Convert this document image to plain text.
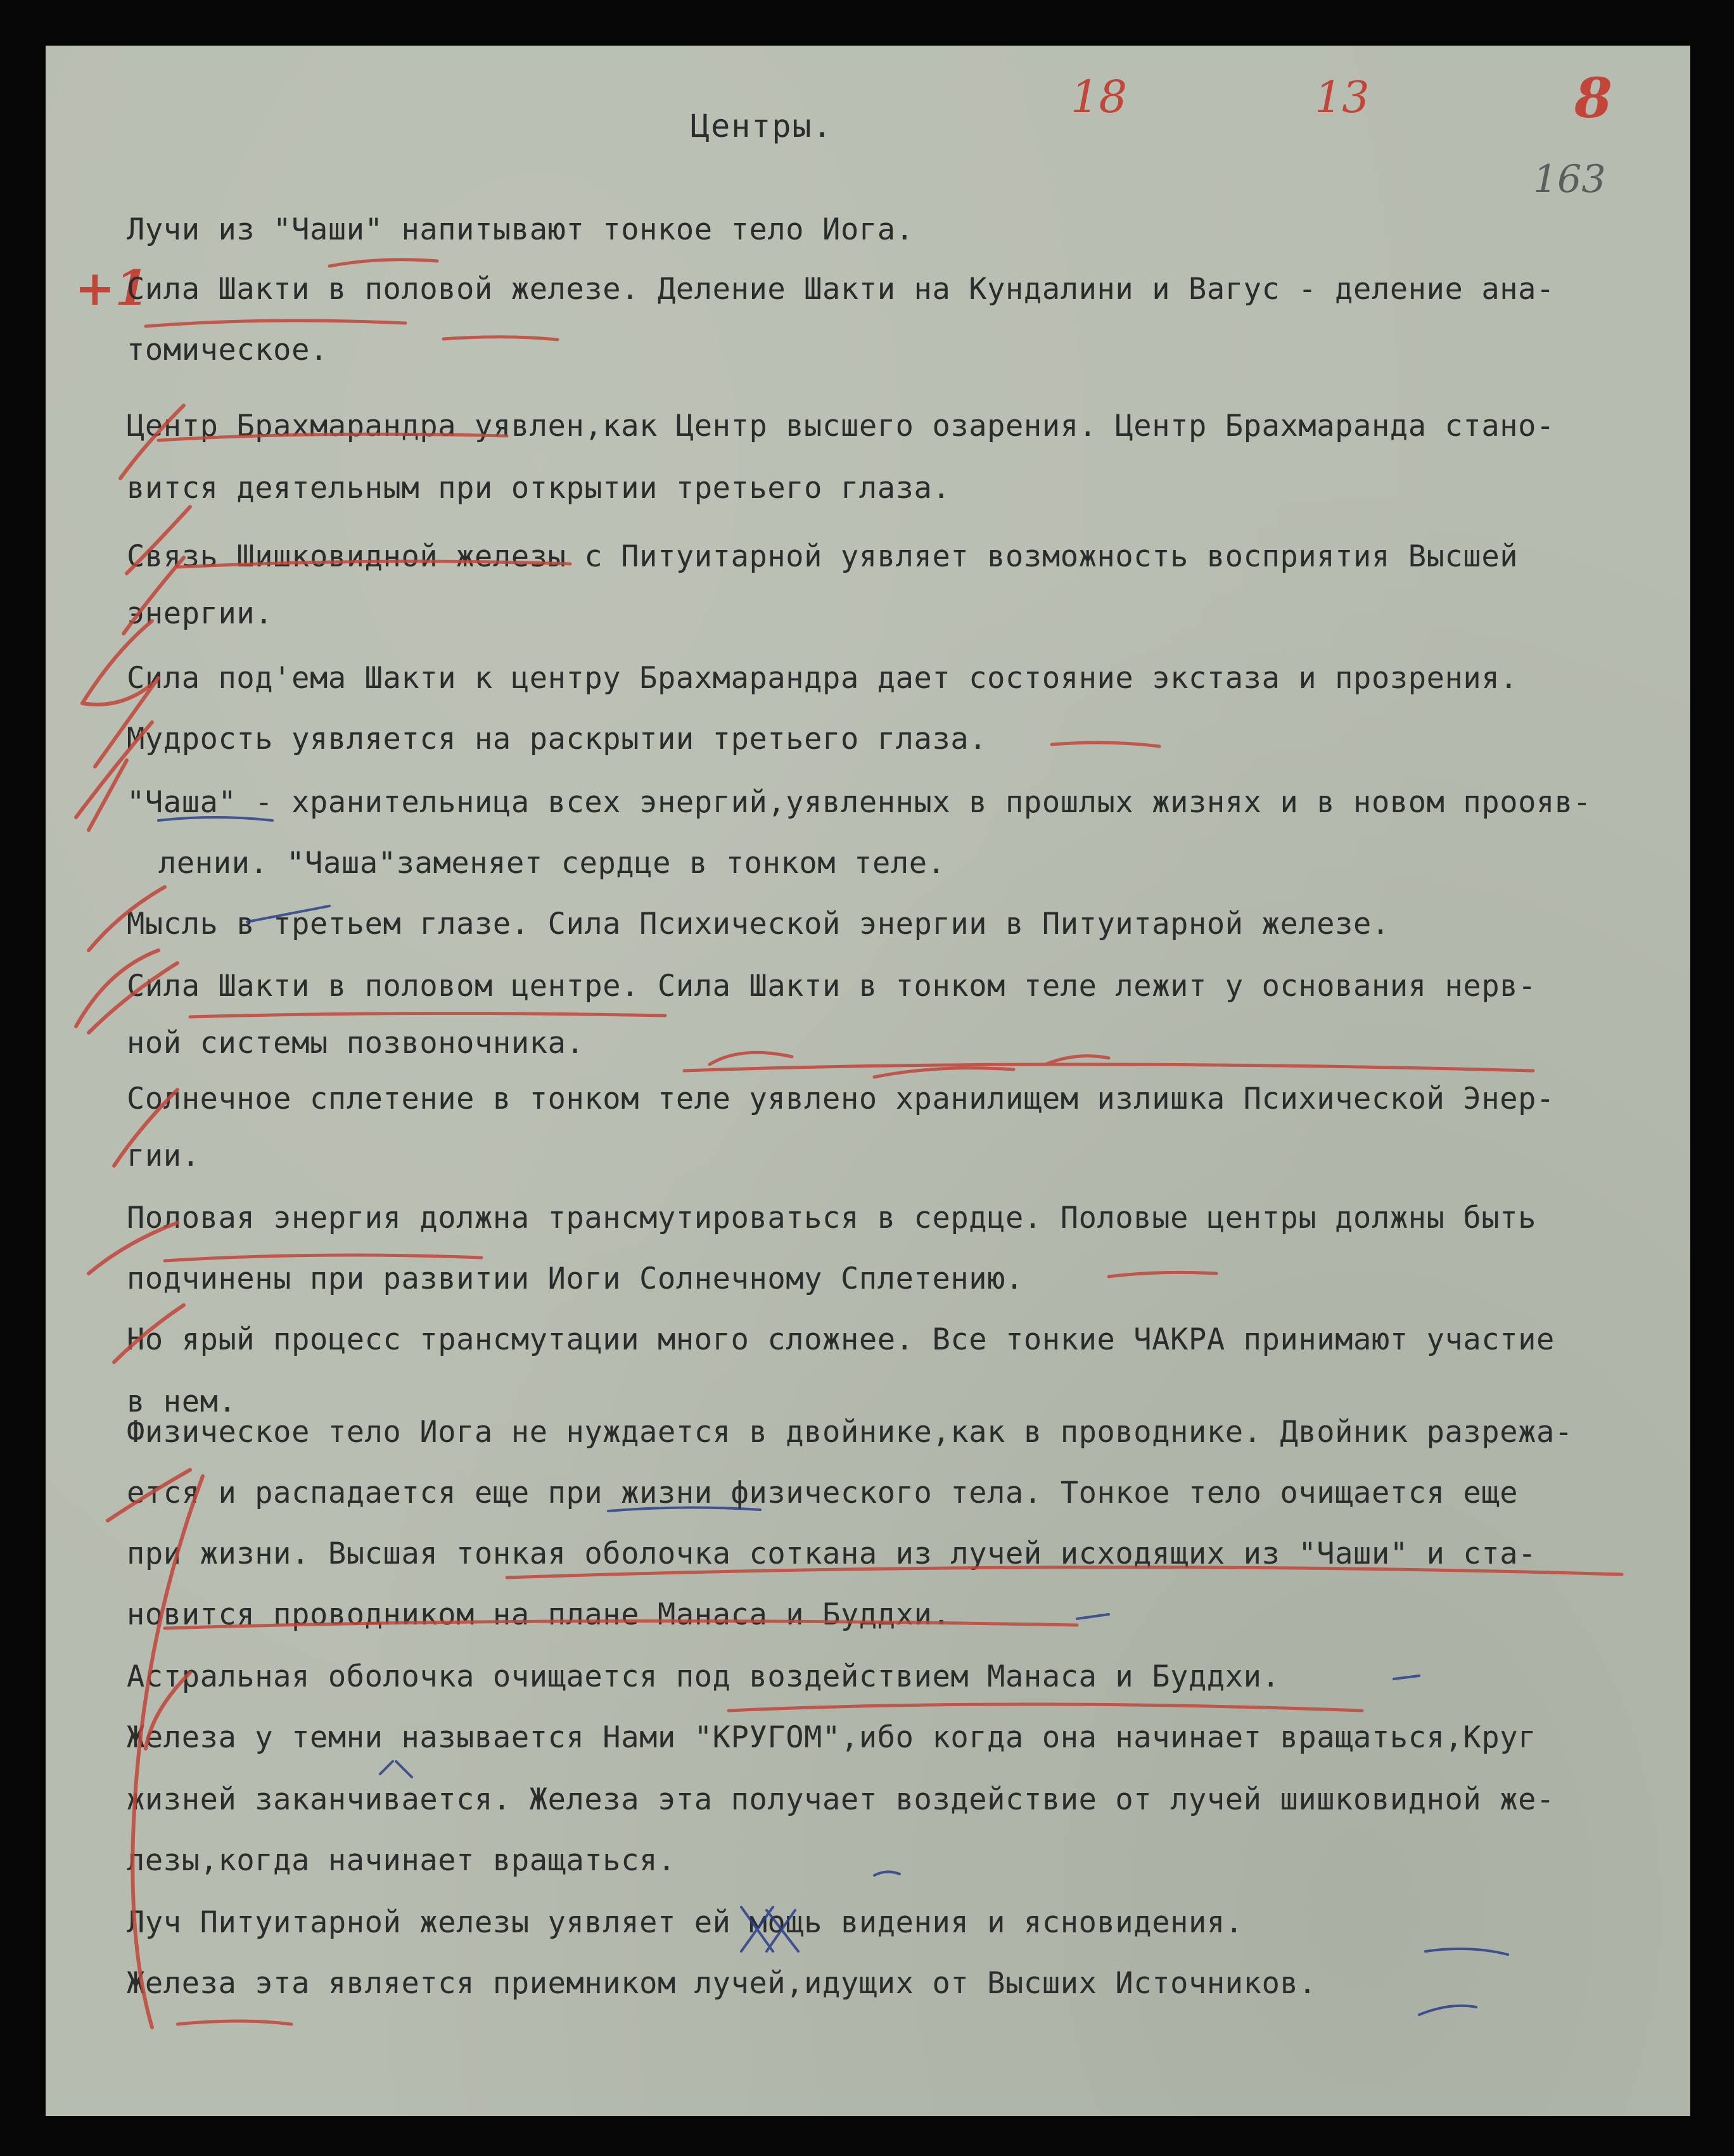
Центры.
18	13	8
163
+1
Лучи из "Чаши" напитывают тонкое тело Иога.
Сила Шакти в половой железе. Деление Шакти на Кундалини и Вагус - деление ана-
томическое.
Центр Брахмарандра уявлен,как Центр высшего озарения. Центр Брахмаранда стано-
вится деятельным при открытии третьего глаза.
Связь Шишковидной железы с Питуитарной уявляет возможность восприятия Высшей
энергии.
Сила под'ема Шакти к центру Брахмарандра дает состояние экстаза и прозрения.
Мудрость уявляется на раскрытии третьего глаза.
"Чаша" - хранительница всех энергий,уявленных в прошлых жизнях и в новом проояв-
лении. "Чаша"заменяет сердце в тонком теле.
Мысль в третьем глазе. Сила Психической энергии в Питуитарной железе.
Сила Шакти в половом центре. Сила Шакти в тонком теле лежит у основания нерв-
ной системы позвоночника.
Солнечное сплетение в тонком теле уявлено хранилищем излишка Психической Энер-
гии.
Половая энергия должна трансмутироваться в сердце. Половые центры должны быть
подчинены при развитии Иоги Солнечному Сплетению.
Но ярый процесс трансмутации много сложнее. Все тонкие ЧАКРА принимают участие
в нем.
Физическое тело Иога не нуждается в двойнике,как в проводнике. Двойник разрежа-
ется и распадается еще при жизни физического тела. Тонкое тело очищается еще
при жизни. Высшая тонкая оболочка соткана из лучей исходящих из "Чаши" и ста-
новится проводником на плане Манаса и Буддхи.
Астральная оболочка очищается под воздействием Манаса и Буддхи.
Железа у темни называется Нами "КРУГОМ",ибо когда она начинает вращаться,Круг
жизней заканчивается. Железа эта получает воздействие от лучей шишковидной же-
лезы,когда начинает вращаться.
Луч Питуитарной железы уявляет ей мощь видения и ясновидения.
Железа эта является приемником лучей,идущих от Высших Источников.
